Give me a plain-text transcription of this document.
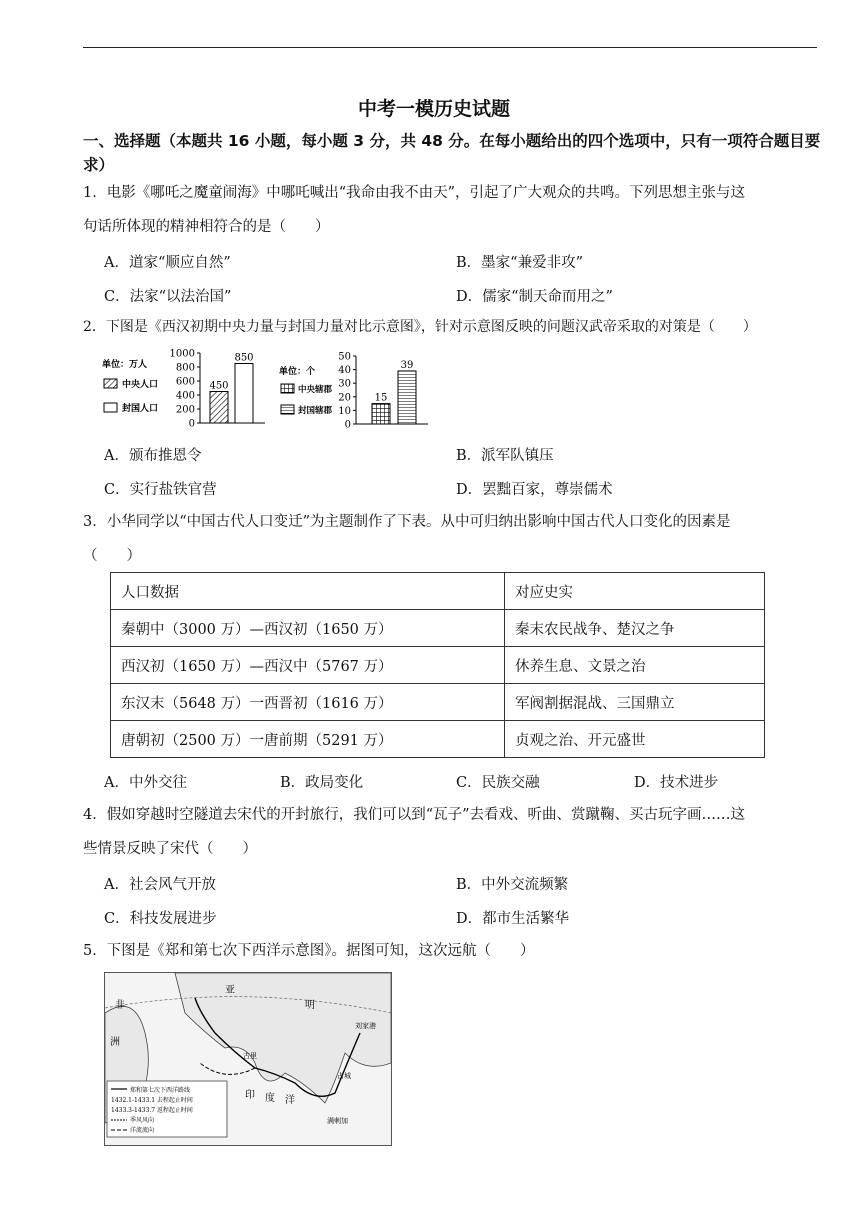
中考一模历史试题
一、选择题（本题共 16 小题，每小题 3 分，共 48 分。在每小题给出的四个选项中，只有一项符合题目要求）
1．电影《哪吒之魔童闹海》中哪吒喊出“我命由我不由天”，引起了广大观众的共鸣。下列思想主张与这
句话所体现的精神相符合的是（　　）
A．道家“顺应自然”	B．墨家“兼爱非攻”
C．法家“以法治国”	D．儒家“制天命而用之”
2．下图是《西汉初期中央力量与封国力量对比示意图》，针对示意图反映的问题汉武帝采取的对策是（　　）
单位：万人
中央人口
封国人口
1000
800
600
400
200
0
450
850
单位：个
中央辖郡
封国辖郡
50
40
30
20
10
0
15
39
A．颁布推恩令	B．派军队镇压
C．实行盐铁官营	D．罢黜百家，尊崇儒术
3．小华同学以“中国古代人口变迁”为主题制作了下表。从中可归纳出影响中国古代人口变化的因素是
（　　）
人口数据	对应史实
秦朝中（3000 万）—西汉初（1650 万）	秦末农民战争、楚汉之争
西汉初（1650 万）—西汉中（5767 万）	休养生息、文景之治
东汉末（5648 万）一西晋初（1616 万）	军阀割据混战、三国鼎立
唐朝初（2500 万）一唐前期（5291 万）	贞观之治、开元盛世
A．中外交往	B．政局变化	C．民族交融	D．技术进步
4．假如穿越时空隧道去宋代的开封旅行，我们可以到“瓦子”去看戏、听曲、赏蹴鞠、买古玩字画……这
些情景反映了宋代（　　）
A．社会风气开放	B．中外交流频繁
C．科技发展进步	D．都市生活繁华
5．下图是《郑和第七次下西洋示意图》。据图可知，这次远航（　　）
亚
明
非
洲
印 度 洋
古里
占城
满剌加
刘家港
郑和第七次下西洋路线
1432.1-1433.1 去程起止时间
1433.3-1433.7 返程起止时间
季风风向
洋流流向
